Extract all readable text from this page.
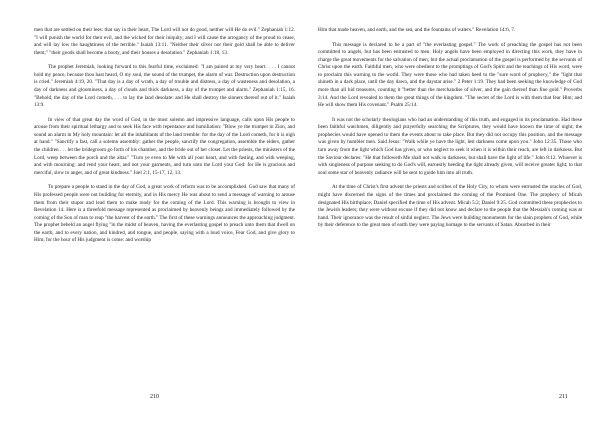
men that are settled on their lees: that say in their heart, The Lord will not do good, neither will He do evil." Zephaniah 1:12. "I will punish the world for their evil, and the wicked for their iniquity; and I will cause the arrogancy of the proud to cease, and will lay low the haughtiness of the terrible." Isaiah 13:11. "Neither their silver nor their gold shall be able to deliver them;" "their goods shall become a booty, and their houses a desolation." Zephaniah 1:18, 13.

The prophet Jeremiah, looking forward to this fearful time, exclaimed: "I am pained at my very heart. . . . I cannot hold my peace, because thou hast heard, O my soul, the sound of the trumpet, the alarm of war. Destruction upon destruction is cried." Jeremiah 4:19, 20. "That day is a day of wrath, a day of trouble and distress, a day of wasteness and desolation, a day of darkness and gloominess, a day of clouds and thick darkness, a day of the trumpet and alarm." Zephaniah 1:15, 16. "Behold, the day of the Lord cometh, . . . to lay the land desolate: and He shall destroy the sinners thereof out of it." Isaiah 13:9.

In view of that great day the word of God, in the most solemn and impressive language, calls upon His people to arouse from their spiritual lethargy and to seek His face with repentance and humiliation: "Blow ye the trumpet in Zion, and sound an alarm in My holy mountain: let all the inhabitants of the land tremble: for the day of the Lord cometh, for it is nigh at hand." "Sanctify a fast, call a solemn assembly: gather the people, sanctify the congregation, assemble the elders, gather the children . . . let the bridegroom go forth of his chamber, and the bride out of her closet. Let the priests, the ministers of the Lord, weep between the porch and the altar." "Turn ye even to Me with all your heart, and with fasting, and with weeping, and with mourning: and rend your heart, and not your garments, and turn unto the Lord your God: for He is gracious and merciful, slow to anger, and of great kindness." Joel 2:1, 15-17, 12, 13.

To prepare a people to stand in the day of God, a great work of reform was to be accomplished. God saw that many of His professed people were not building for eternity, and in His mercy He was about to send a message of warning to arouse them from their stupor and lead them to make ready for the coming of the Lord. This warning is brought to view in Revelation 14. Here is a threefold message represented as proclaimed by heavenly beings and immediately followed by the coming of the Son of man to reap "the harvest of the earth." The first of these warnings announces the approaching judgment. The prophet beheld an angel flying "in the midst of heaven, having the everlasting gospel to preach unto them that dwell on the earth, and to every nation, and kindred, and tongue, and people, saying with a loud voice, Fear God, and give glory to Him; for the hour of His judgment is come: and worship

210

Him that made heaven, and earth, and the sea, and the fountains of waters." Revelation 14:6, 7.

This message is declared to be a part of "the everlasting gospel." The work of preaching the gospel has not been committed to angels, but has been entrusted to men. Holy angels have been employed in directing this work, they have in charge the great movements for the salvation of men; but the actual proclamation of the gospel is performed by the servants of Christ upon the earth. Faithful men, who were obedient to the promptings of God's Spirit and the teachings of His word, were to proclaim this warning to the world. They were those who had taken heed to the "sure word of prophecy," the "light that shineth in a dark place, until the day dawn, and the daystar arise." 2 Peter 1:19. They had been seeking the knowledge of God more than all hid treasures, counting it "better than the merchandise of silver, and the gain thereof than fine gold." Proverbs 3:14. And the Lord revealed to them the great things of the kingdom. "The secret of the Lord is with them that fear Him; and He will show them His covenant." Psalm 25:14.

It was not the scholarly theologians who had an understanding of this truth, and engaged in its proclamation. Had these been faithful watchmen, diligently and prayerfully searching the Scriptures, they would have known the time of night; the prophecies would have opened to them the events about to take place. But they did not occupy this position, and the message was given by humbler men. Said Jesus: "Walk while ye have the light, lest darkness come upon you." John 12:35. Those who turn away from the light which God has given, or who neglect to seek it when it is within their reach, are left in darkness. But the Saviour declares: "He that followeth Me shall not walk in darkness, but shall have the light of life." John 8:12. Whoever is with singleness of purpose seeking to do God's will, earnestly heeding the light already given, will receive greater light; to that soul some star of heavenly radiance will be sent to guide him into all truth.

At the time of Christ's first advent the priests and scribes of the Holy City, to whom were entrusted the oracles of God, might have discerned the signs of the times and proclaimed the coming of the Promised One. The prophecy of Micah designated His birthplace; Daniel specified the time of His advent. Micah 5:2; Daniel 9:25. God committed these prophecies to the Jewish leaders; they were without excuse if they did not know and declare to the people that the Messiah's coming was at hand. Their ignorance was the result of sinful neglect. The Jews were building monuments for the slain prophets of God, while by their deference to the great men of earth they were paying homage to the servants of Satan. Absorbed in their

211
